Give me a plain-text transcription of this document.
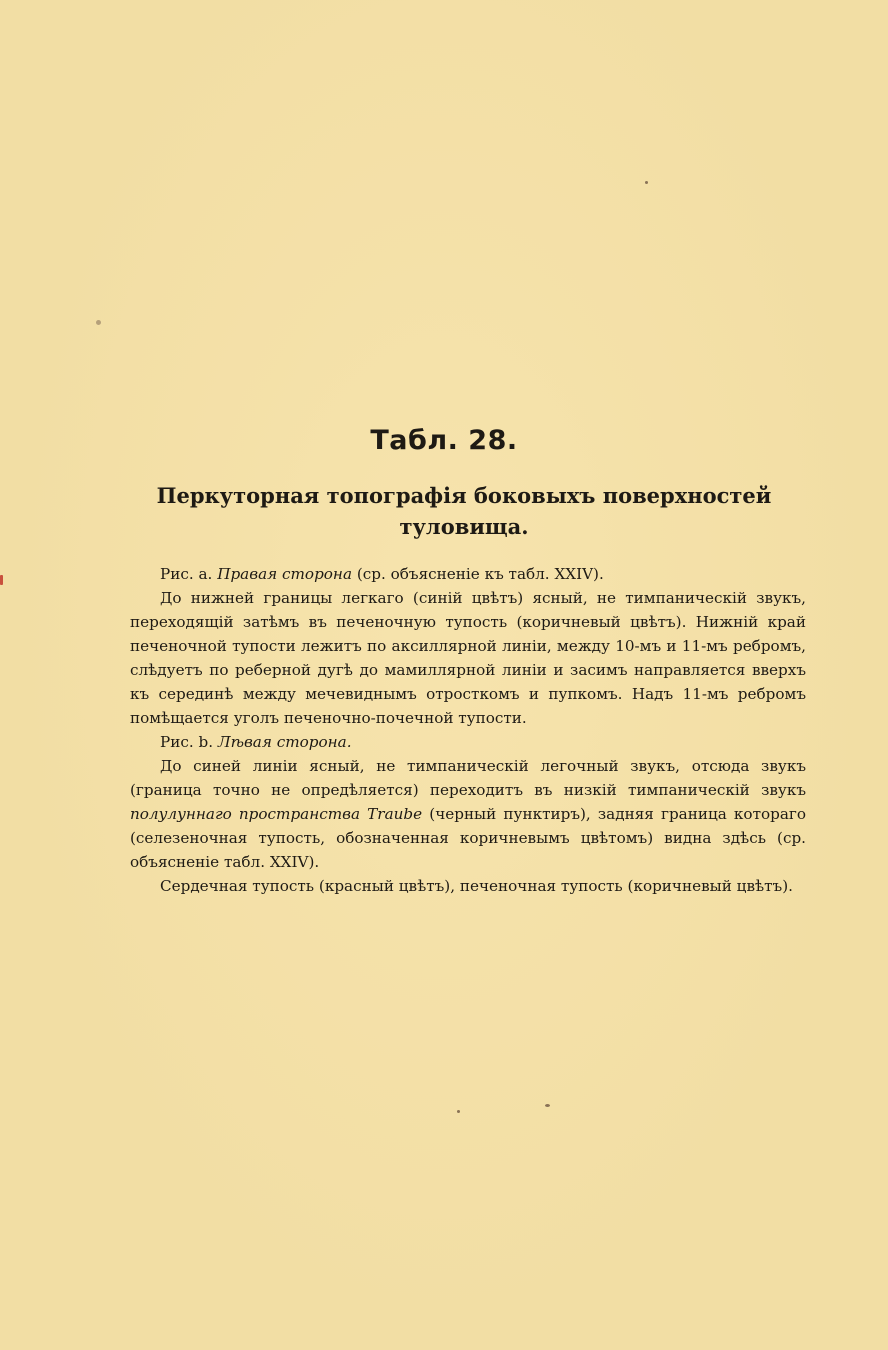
Табл. 28.
Перкуторная топографія боковыхъ поверхностей туловища.

Рис. а. Правая сторона (ср. объясненіе къ табл. XXIV).

До нижней границы легкаго (синій цвѣтъ) ясный, не тимпаническій звукъ, переходящій затѣмъ въ печеночную тупость (коричневый цвѣтъ). Нижній край печеночной тупости лежитъ по аксиллярной линіи, между 10-мъ и 11-мъ ребромъ, слѣдуетъ по реберной дугѣ до мамиллярной линіи и засимъ направляется вверхъ къ серединѣ между мечевиднымъ отросткомъ и пупкомъ. Надъ 11-мъ ребромъ помѣщается уголъ печеночно-почечной тупости.

Рис. b. Лѣвая сторона.

До синей линіи ясный, не тимпаническій легочный звукъ, отсюда звукъ (граница точно не опредѣляется) переходитъ въ низкій тимпаническій звукъ полулуннаго пространства Traube (черный пунктиръ), задняя граница котораго (селезеночная тупость, обозначенная коричневымъ цвѣтомъ) видна здѣсь (ср. объясненіе табл. XXIV).

Сердечная тупость (красный цвѣтъ), печеночная тупость (коричневый цвѣтъ).
